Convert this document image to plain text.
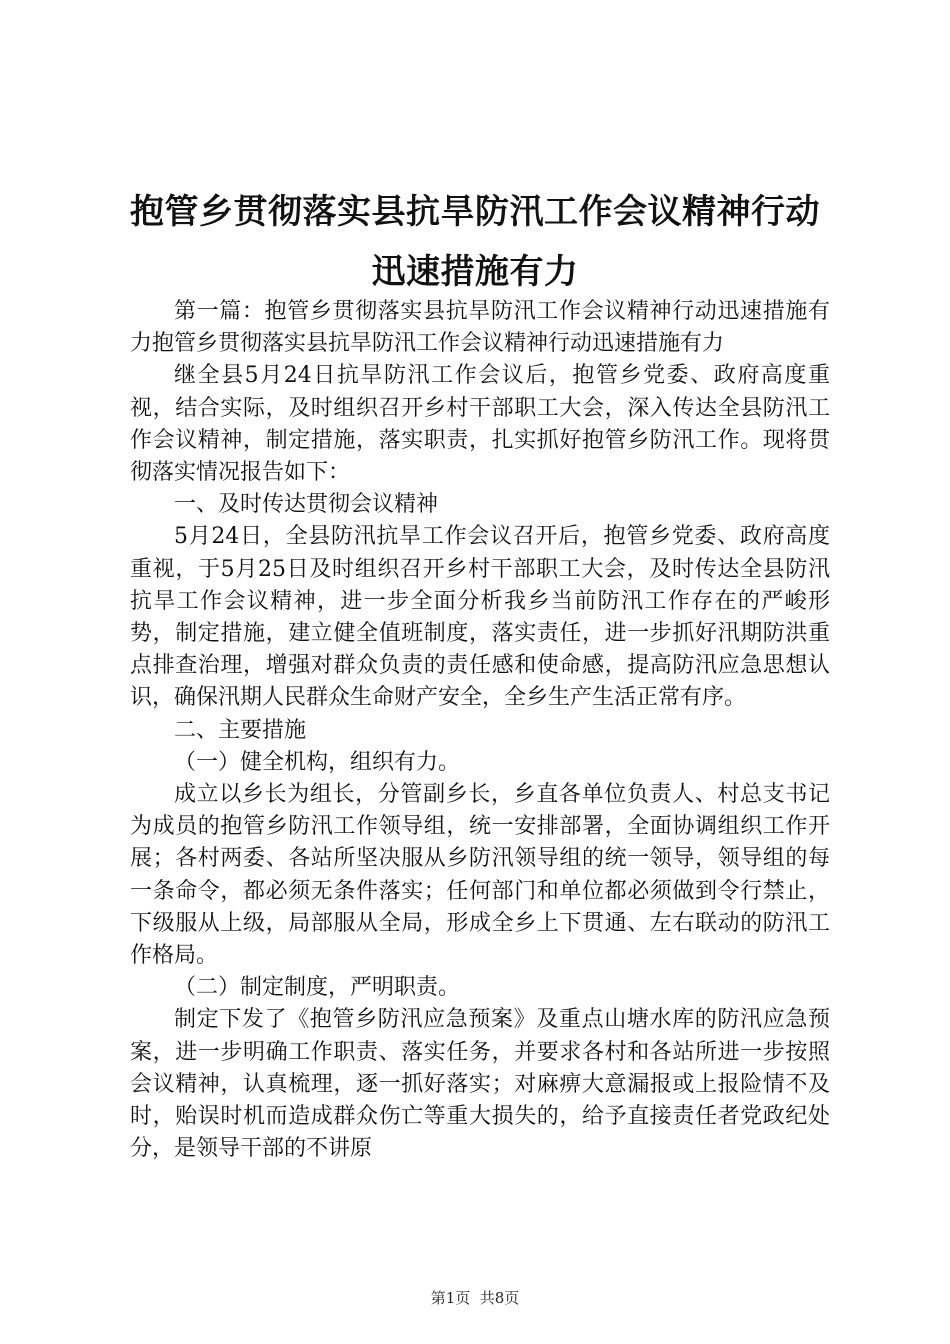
抱管乡贯彻落实县抗旱防汛工作会议精神行动
迅速措施有力

第一篇：抱管乡贯彻落实县抗旱防汛工作会议精神行动迅速措施有力抱管乡贯彻落实县抗旱防汛工作会议精神行动迅速措施有力

继全县5月24日抗旱防汛工作会议后，抱管乡党委、政府高度重视，结合实际，及时组织召开乡村干部职工大会，深入传达全县防汛工作会议精神，制定措施，落实职责，扎实抓好抱管乡防汛工作。现将贯彻落实情况报告如下：

一、及时传达贯彻会议精神

5月24日，全县防汛抗旱工作会议召开后，抱管乡党委、政府高度重视，于5月25日及时组织召开乡村干部职工大会，及时传达全县防汛抗旱工作会议精神，进一步全面分析我乡当前防汛工作存在的严峻形势，制定措施，建立健全值班制度，落实责任，进一步抓好汛期防洪重点排查治理，增强对群众负责的责任感和使命感，提高防汛应急思想认识，确保汛期人民群众生命财产安全，全乡生产生活正常有序。

二、主要措施

（一）健全机构，组织有力。

成立以乡长为组长，分管副乡长，乡直各单位负责人、村总支书记为成员的抱管乡防汛工作领导组，统一安排部署，全面协调组织工作开展；各村两委、各站所坚决服从乡防汛领导组的统一领导，领导组的每一条命令，都必须无条件落实；任何部门和单位都必须做到令行禁止，下级服从上级，局部服从全局，形成全乡上下贯通、左右联动的防汛工作格局。

（二）制定制度，严明职责。

制定下发了《抱管乡防汛应急预案》及重点山塘水库的防汛应急预案，进一步明确工作职责、落实任务，并要求各村和各站所进一步按照会议精神，认真梳理，逐一抓好落实；对麻痹大意漏报或上报险情不及时，贻误时机而造成群众伤亡等重大损失的，给予直接责任者党政纪处分，是领导干部的不讲原

第1页  共8页
